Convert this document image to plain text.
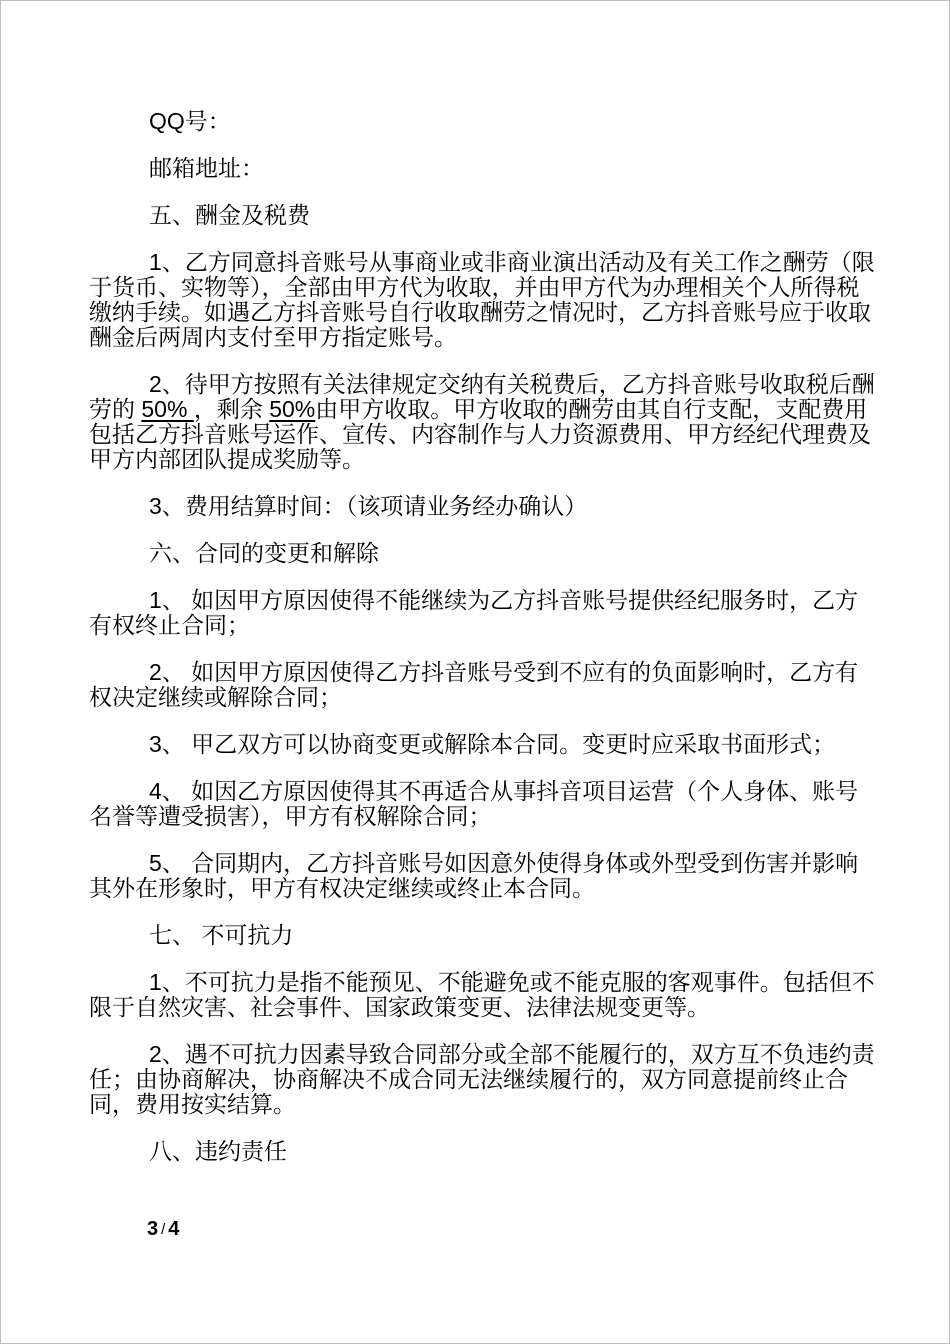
QQ号：

邮箱地址：

五、酬金及税费

1、乙方同意抖音账号从事商业或非商业演出活动及有关工作之酬劳（限于货币、实物等），全部由甲方代为收取，并由甲方代为办理相关个人所得税缴纳手续。如遇乙方抖音账号自行收取酬劳之情况时，乙方抖音账号应于收取酬金后两周内支付至甲方指定账号。

2、待甲方按照有关法律规定交纳有关税费后，乙方抖音账号收取税后酬劳的 50% ，剩余 50%由甲方收取。甲方收取的酬劳由其自行支配，支配费用包括乙方抖音账号运作、宣传、内容制作与人力资源费用、甲方经纪代理费及甲方内部团队提成奖励等。

3、费用结算时间：（该项请业务经办确认）

六、合同的变更和解除

1、 如因甲方原因使得不能继续为乙方抖音账号提供经纪服务时，乙方有权终止合同；

2、 如因甲方原因使得乙方抖音账号受到不应有的负面影响时，乙方有权决定继续或解除合同；

3、 甲乙双方可以协商变更或解除本合同。变更时应采取书面形式；

4、 如因乙方原因使得其不再适合从事抖音项目运营（个人身体、账号名誉等遭受损害），甲方有权解除合同；

5、 合同期内，乙方抖音账号如因意外使得身体或外型受到伤害并影响其外在形象时，甲方有权决定继续或终止本合同。

七、 不可抗力

1、不可抗力是指不能预见、不能避免或不能克服的客观事件。包括但不限于自然灾害、社会事件、国家政策变更、法律法规变更等。

2、遇不可抗力因素导致合同部分或全部不能履行的，双方互不负违约责任；由协商解决，协商解决不成合同无法继续履行的，双方同意提前终止合同，费用按实结算。

八、违约责任

3 / 4
